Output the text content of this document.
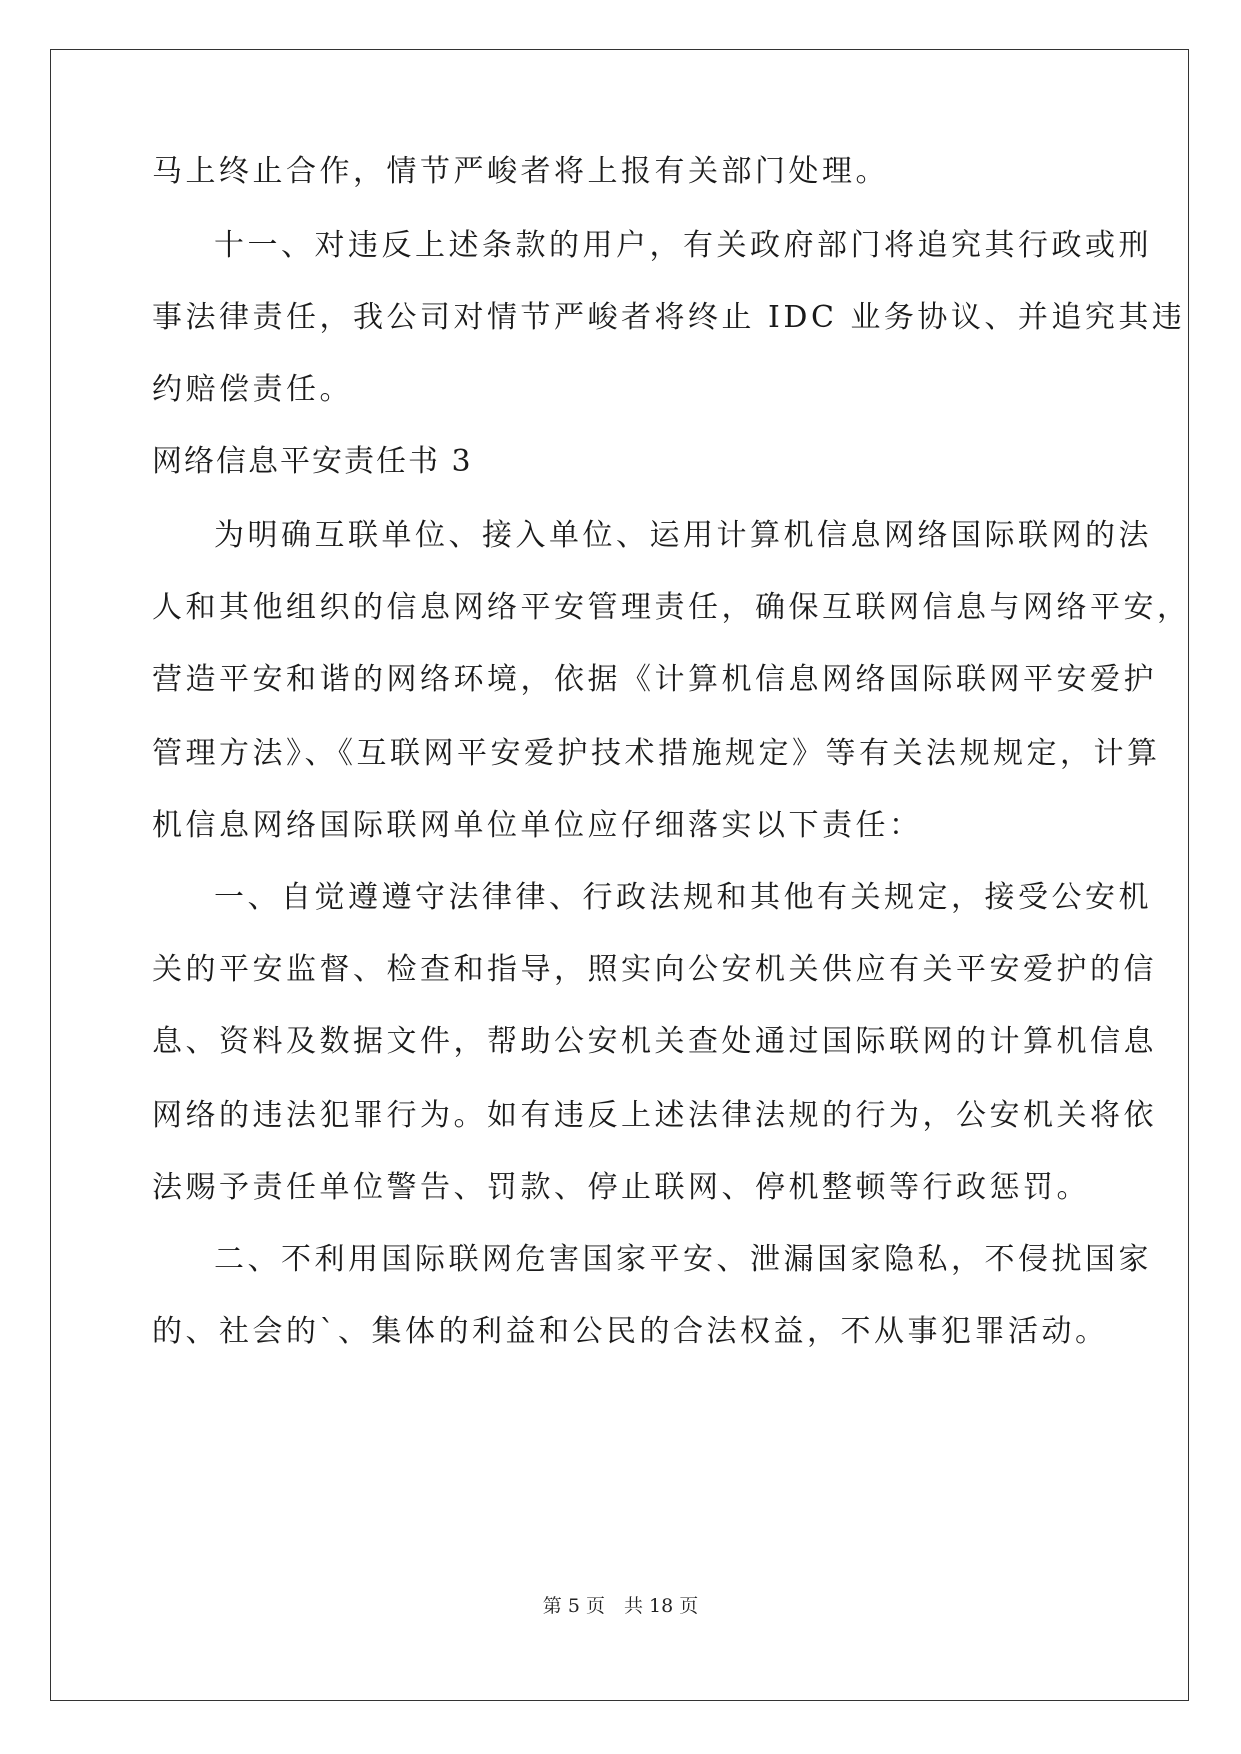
马上终止合作，情节严峻者将上报有关部门处理。

十一、对违反上述条款的用户，有关政府部门将追究其行政或刑

事法律责任，我公司对情节严峻者将终止 IDC 业务协议、并追究其违

约赔偿责任。

网络信息平安责任书 3

为明确互联单位、接入单位、运用计算机信息网络国际联网的法

人和其他组织的信息网络平安管理责任，确保互联网信息与网络平安，

营造平安和谐的网络环境，依据《计算机信息网络国际联网平安爱护

管理方法》、《互联网平安爱护技术措施规定》等有关法规规定，计算

机信息网络国际联网单位单位应仔细落实以下责任：

一、自觉遵遵守法律律、行政法规和其他有关规定，接受公安机

关的平安监督、检查和指导，照实向公安机关供应有关平安爱护的信

息、资料及数据文件，帮助公安机关查处通过国际联网的计算机信息

网络的违法犯罪行为。如有违反上述法律法规的行为，公安机关将依

法赐予责任单位警告、罚款、停止联网、停机整顿等行政惩罚。

二、不利用国际联网危害国家平安、泄漏国家隐私，不侵扰国家

的、社会的`、集体的利益和公民的合法权益，不从事犯罪活动。

第 5 页　共 18 页
